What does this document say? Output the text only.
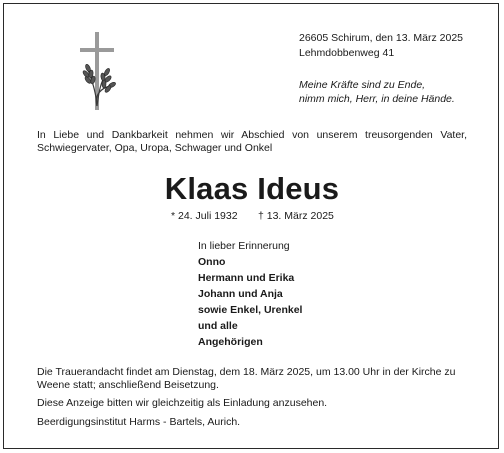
26605 Schirum, den 13. März 2025
Lehmdobbenweg 41
Meine Kräfte sind zu Ende,
nimm mich, Herr, in deine Hände.
In Liebe und Dankbarkeit nehmen wir Abschied von unserem treusorgenden Vater,
Schwiegervater, Opa, Uropa, Schwager und Onkel
Klaas Ideus
* 24. Juli 1932 † 13. März 2025
In lieber Erinnerung
Onno
Hermann und Erika
Johann und Anja
sowie Enkel, Urenkel
und alle
Angehörigen
Die Trauerandacht findet am Dienstag, dem 18. März 2025, um 13.00 Uhr in der Kirche zu
Weene statt; anschließend Beisetzung.
Diese Anzeige bitten wir gleichzeitig als Einladung anzusehen.
Beerdigungsinstitut Harms - Bartels, Aurich.
